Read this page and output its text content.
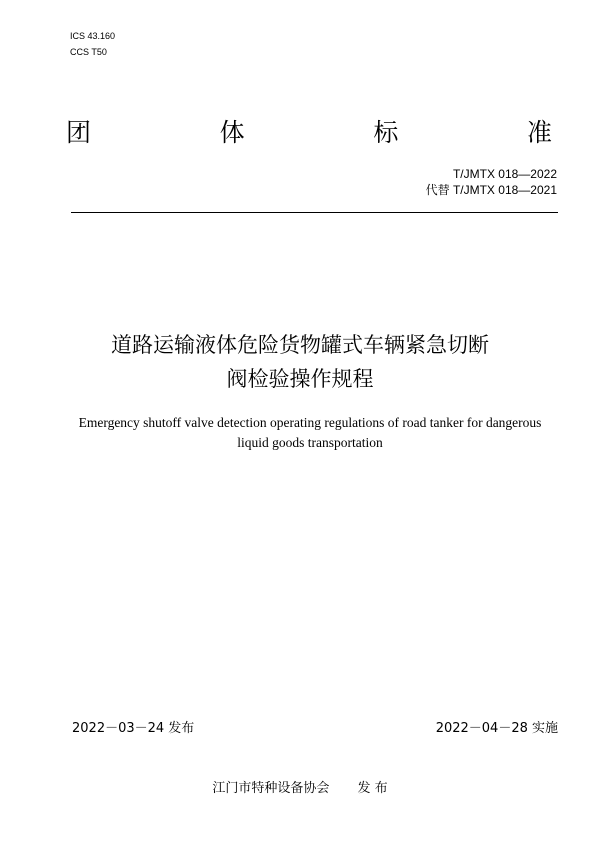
ICS 43.160
CCS T50
团	体	标	准
T/JMTX 018—2022
代替 T/JMTX 018—2021
道路运输液体危险货物罐式车辆紧急切断
阀检验操作规程
Emergency shutoff valve detection operating regulations of road tanker for dangerous
liquid goods transportation
2022－03－24 发布	2022－04－28 实施
江门市特种设备协会 发 布
